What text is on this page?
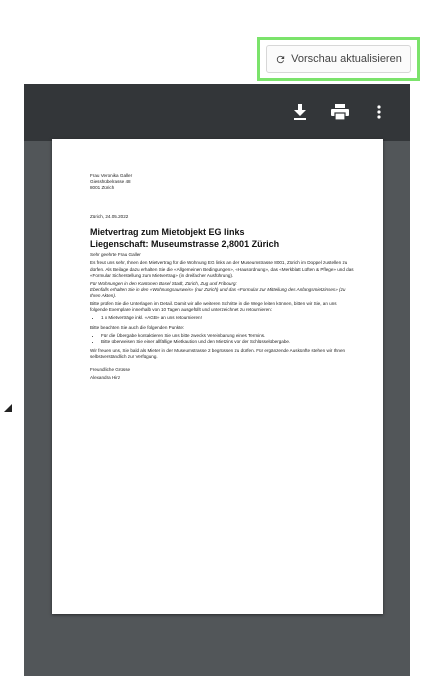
Vorschau aktualisieren
Frau Veronika Galler
Giesshübelrasse 48
8001 Zürich

Zürich, 24.05.2022

Mietvertrag zum Mietobjekt EG links

Liegenschaft: Museumstrasse 2,8001 Zürich

Sehr geehrte Frau Galler

Es freut uns sehr, Ihnen den Mietvertrag für die Wohnung EG links an der Museumstrasse 8001, Zürich im Doppel zustellen zu dürfen. Als Beilage dazu erhalten Sie die «Allgemeinen Bedingungen», «Hausordnung», das «Merkblatt Lüften & Pflege» und das «Formular Sicherstellung zum Mietvertrag» (in dreifacher Ausführung).

Für Wohnungen in den Kantonen Basel Stadt, Zürich, Zug und Fribourg:

Ebenfalls erhalten Sie in den «Wohnungsausweis» (nur Zürich) und das «Formular zur Mitteilung des Anfangsmietzinses» (zu Ihren Akten).

Bitte prüfen Sie die Unterlagen im Detail. Damit wir alle weiteren Schritte in die Wege leiten können, bitten wir Sie, an uns folgende Exemplare innerhalb von 10 Tagen ausgefüllt und unterzeichnet zu retournieren:

• 1 x Mietverträge inkl. «AGB» an uns retournieren!

Bitte beachten Sie auch die folgenden Punkte:

• Für die Übergabe kontaktieren Sie uns bitte zwecks Vereinbarung eines Termins.
• Bitte überweisen Sie einer allfällige Mietkaution und den Mietzins vor der Schlüsselübergabe.

Wir freuen uns, Sie bald als Mieter in der Museumstrasse 2 begrüssen zu dürfen. Für ergänzende Auskünfte stehen wir Ihnen selbstverständlich zur Verfügung.

Freundliche Grüsse

Alexandra Hirz
